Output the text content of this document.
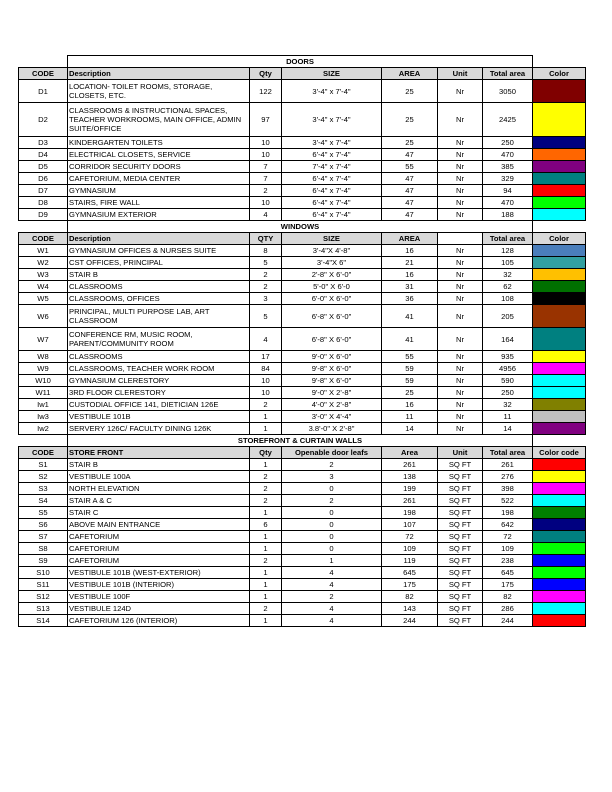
	DOORS						
CODE	Description	Qty	SIZE	AREA	Unit	Total area	Color
D1	LOCATION- TOILET ROOMS, STORAGE, CLOSETS, ETC.	122	3'-4" x 7'-4"	25	Nr	3050	
D2	CLASSROOMS & INSTRUCTIONAL SPACES, TEACHER WORKROOMS, MAIN OFFICE, ADMIN SUITE/OFFICE	97	3'-4" x 7'-4"	25	Nr	2425	
D3	KINDERGARTEN TOILETS	10	3'-4" x 7'-4"	25	Nr	250	
D4	ELECTRICAL CLOSETS, SERVICE	10	6'-4" x 7'-4"	47	Nr	470	
D5	CORRIDOR SECURITY DOORS	7	7'-4" x 7'-4"	55	Nr	385	
D6	CAFETORIUM, MEDIA CENTER	7	6'-4" x 7'-4"	47	Nr	329	
D7	GYMNASIUM	2	6'-4" x 7'-4"	47	Nr	94	
D8	STAIRS, FIRE WALL	10	6'-4" x 7'-4"	47	Nr	470	
D9	GYMNASIUM EXTERIOR	4	6'-4" x 7'-4"	47	Nr	188	
	WINDOWS						
CODE	Description	QTY	SIZE	AREA		Total area	Color
W1	GYMNASIUM OFFICES & NURSES SUITE	8	3'-4"X 4'-8"	16	Nr	128	
W2	CST OFFICES, PRINCIPAL	5	3'-4"X 6"	21	Nr	105	
W3	STAIR B	2	2'-8" X 6'-0"	16	Nr	32	
W4	CLASSROOMS	2	5'-0" X 6'-0	31	Nr	62	
W5	CLASSROOMS, OFFICES	3	6'-0" X 6'-0"	36	Nr	108	
W6	PRINCIPAL, MULTI PURPOSE LAB, ART CLASSROOM	5	6'-8" X 6'-0"	41	Nr	205	
W7	CONFERENCE RM, MUSIC ROOM, PARENT/COMMUNITY ROOM	4	6'-8" X 6'-0"	41	Nr	164	
W8	CLASSROOMS	17	9'-0" X 6'-0"	55	Nr	935	
W9	CLASSROOMS, TEACHER WORK ROOM	84	9'-8" X 6'-0"	59	Nr	4956	
W10	GYMNASIUM CLERESTORY	10	9'-8" X 6'-0"	59	Nr	590	
W11	3RD FLOOR CLERESTORY	10	9'-0" X 2'-8"	25	Nr	250	
Iw1	CUSTODIAL OFFICE 141, DIETICIAN 126E	2	4'-0" X 2'-8"	16	Nr	32	
Iw3	VESTIBULE 101B	1	3'-0" X 4'-4"	11	Nr	11	
Iw2	SERVERY 126C/ FACULTY DINING 126K	1	3.8'-0" X 2'-8"	14	Nr	14	
	STOREFRONT & CURTAIN WALLS						
CODE	STORE FRONT	Qty	Openable door leafs	Area	Unit	Total area	Color code
S1	STAIR B	1	2	261	SQ FT	261	
S2	VESTIBULE 100A	2	3	138	SQ FT	276	
S3	NORTH ELEVATION	2	0	199	SQ FT	398	
S4	STAIR A & C	2	2	261	SQ FT	522	
S5	STAIR C	1	0	198	SQ FT	198	
S6	ABOVE MAIN ENTRANCE	6	0	107	SQ FT	642	
S7	CAFETORIUM	1	0	72	SQ FT	72	
S8	CAFETORIUM	1	0	109	SQ FT	109	
S9	CAFETORIUM	2	1	119	SQ FT	238	
S10	VESTIBULE 101B (WEST-EXTERIOR)	1	4	645	SQ FT	645	
S11	VESTIBULE 101B (INTERIOR)	1	4	175	SQ FT	175	
S12	VESTIBULE 100F	1	2	82	SQ FT	82	
S13	VESTIBULE 124D	2	4	143	SQ FT	286	
S14	CAFETORIUM 126 (INTERIOR)	1	4	244	SQ FT	244	
